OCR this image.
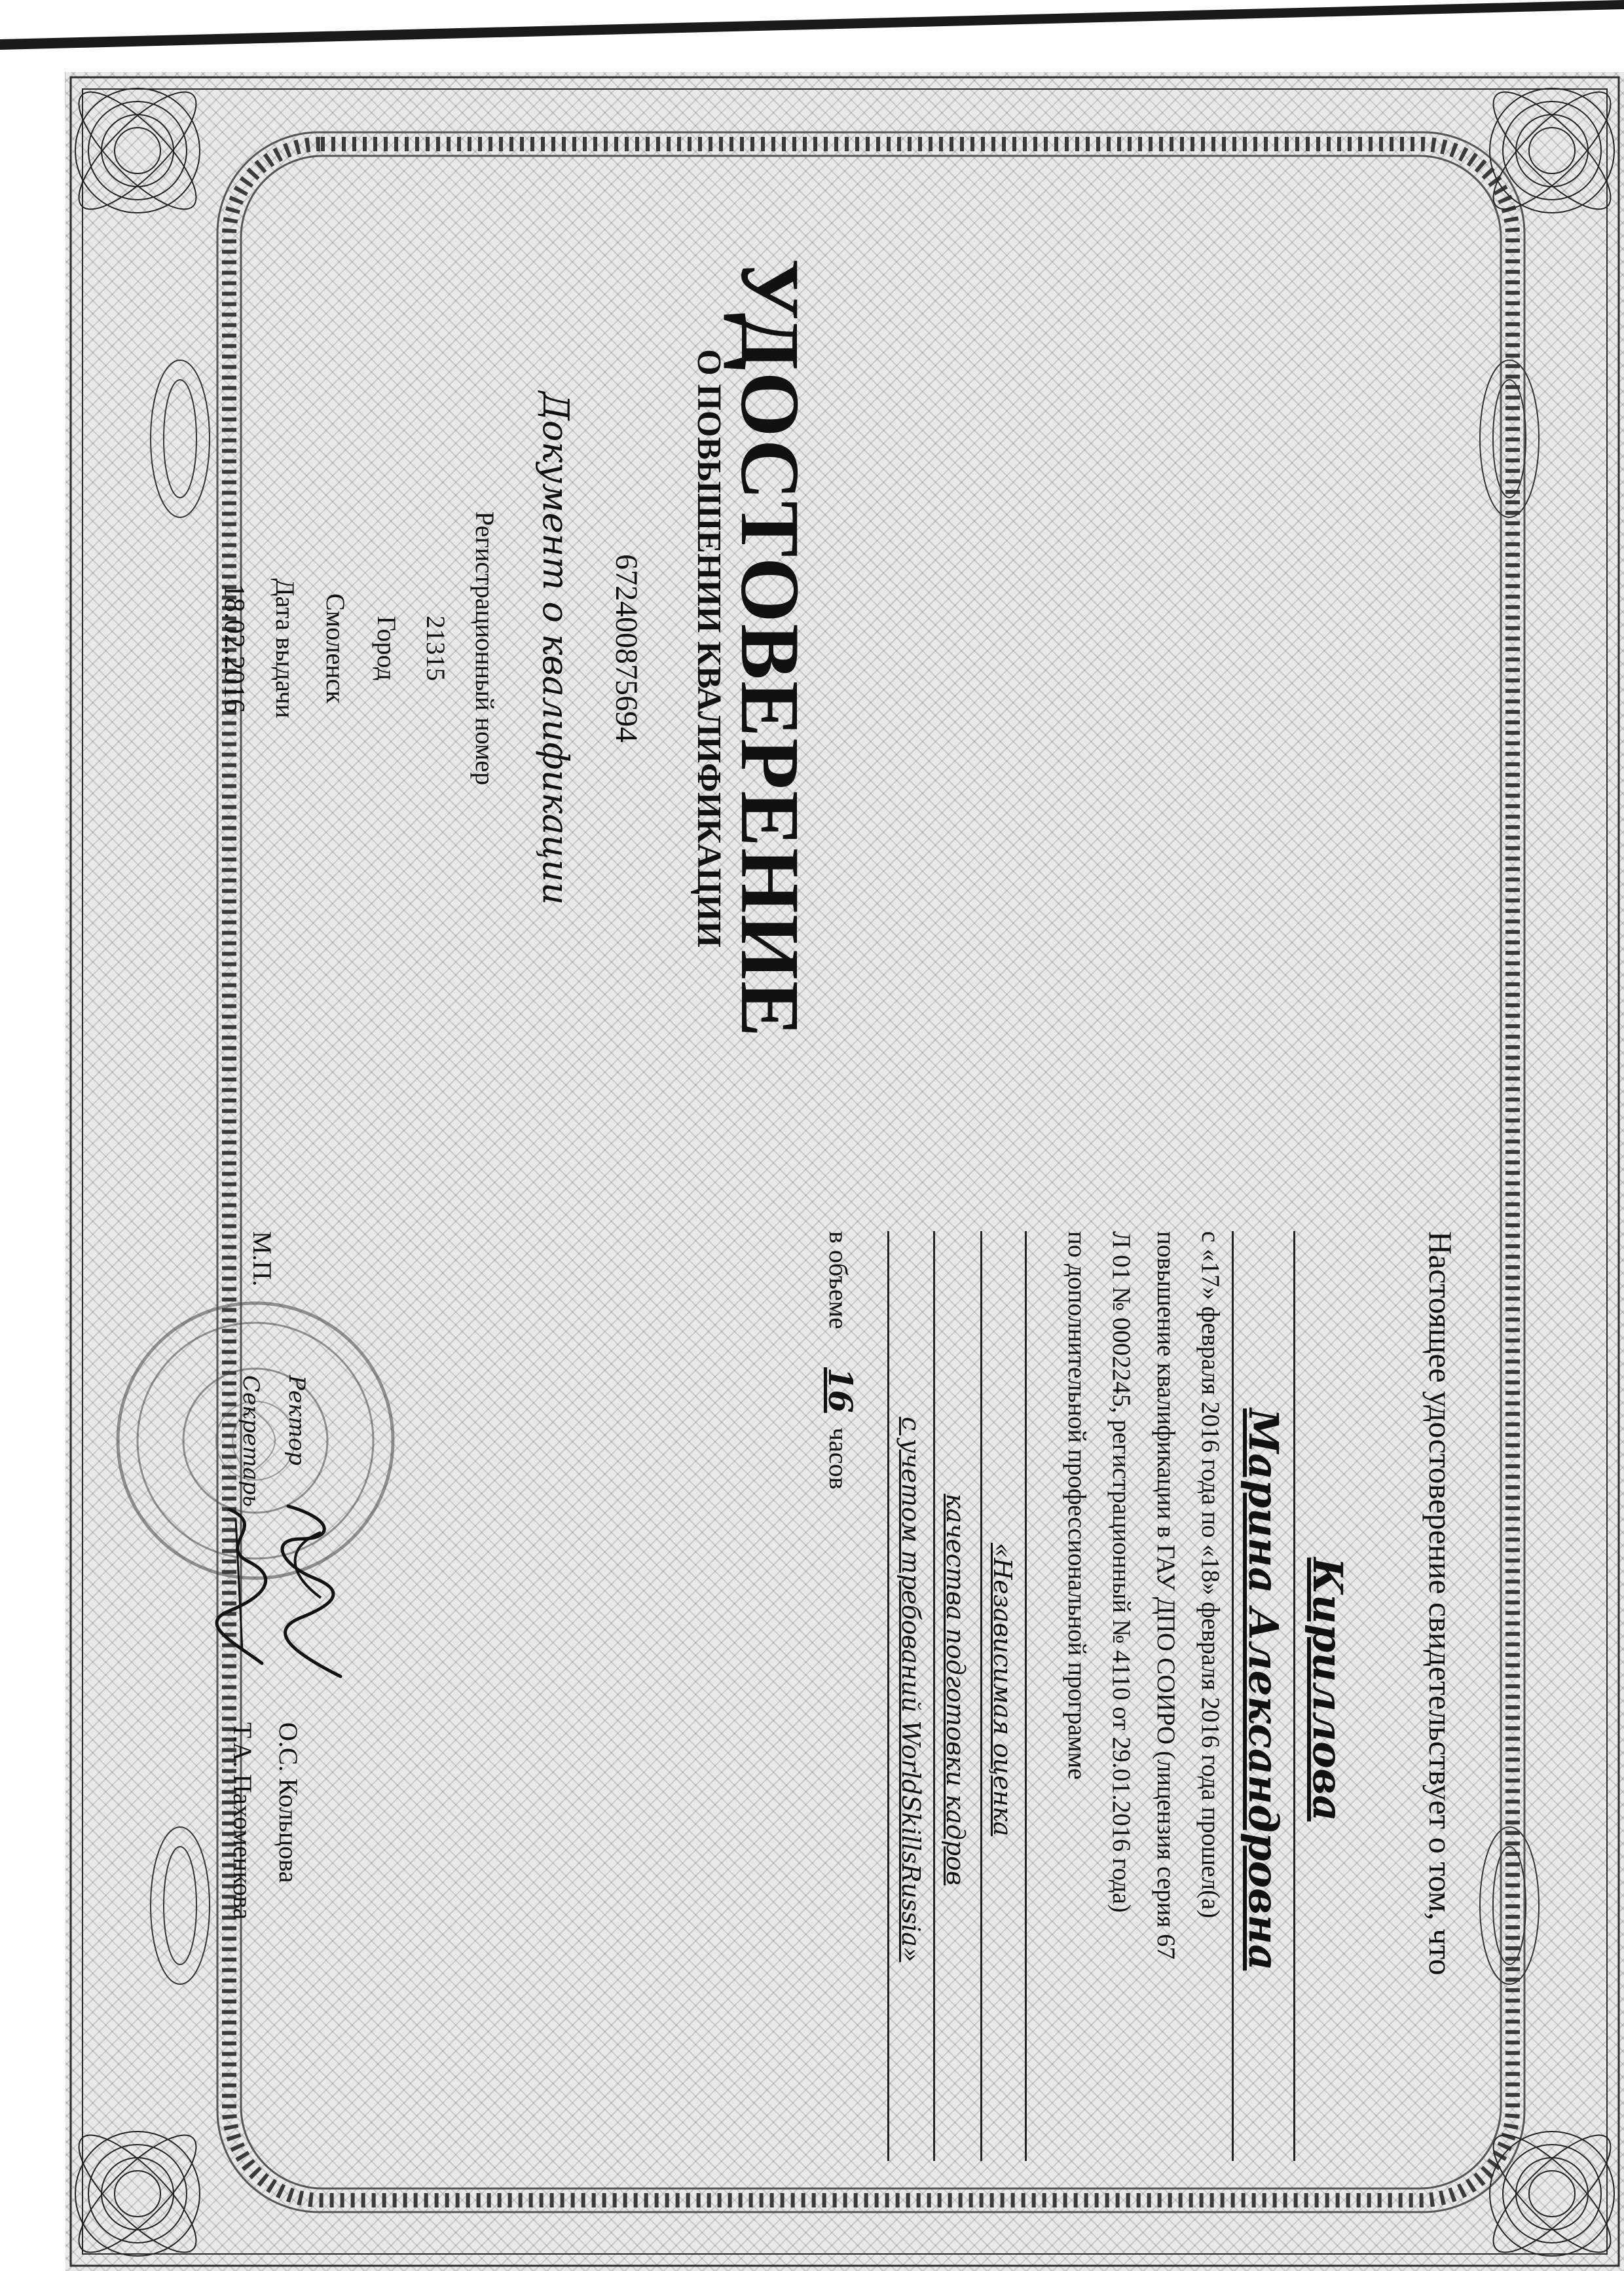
УДОСТОВЕРЕНИЕ
О ПОВЫШЕНИИ КВАЛИФИКАЦИИ
672400875694
Документ о квалификации
Регистрационный номер
21315
Город
Смоленск
Дата выдачи
18.02.2016
Настоящее удостоверение свидетельствует о том, что
Кириллова
Марина Александровна
с «17» февраля 2016 года по «18» февраля 2016 года прошел(а)
повышение квалификации в ГАУ ДПО СОИРО (лицензия серия 67
Л 01 № 0002245, регистрационный № 4110 от 29.01.2016 года)
по дополнительной профессиональной программе
«Независимая оценка
качества подготовки кадров
с учетом требований WorldSkillsRussia»
в объеме
16
часов
М.П.
Ректор
Секретарь
О.С. Кольцова
Т.А. Пахоменкова
